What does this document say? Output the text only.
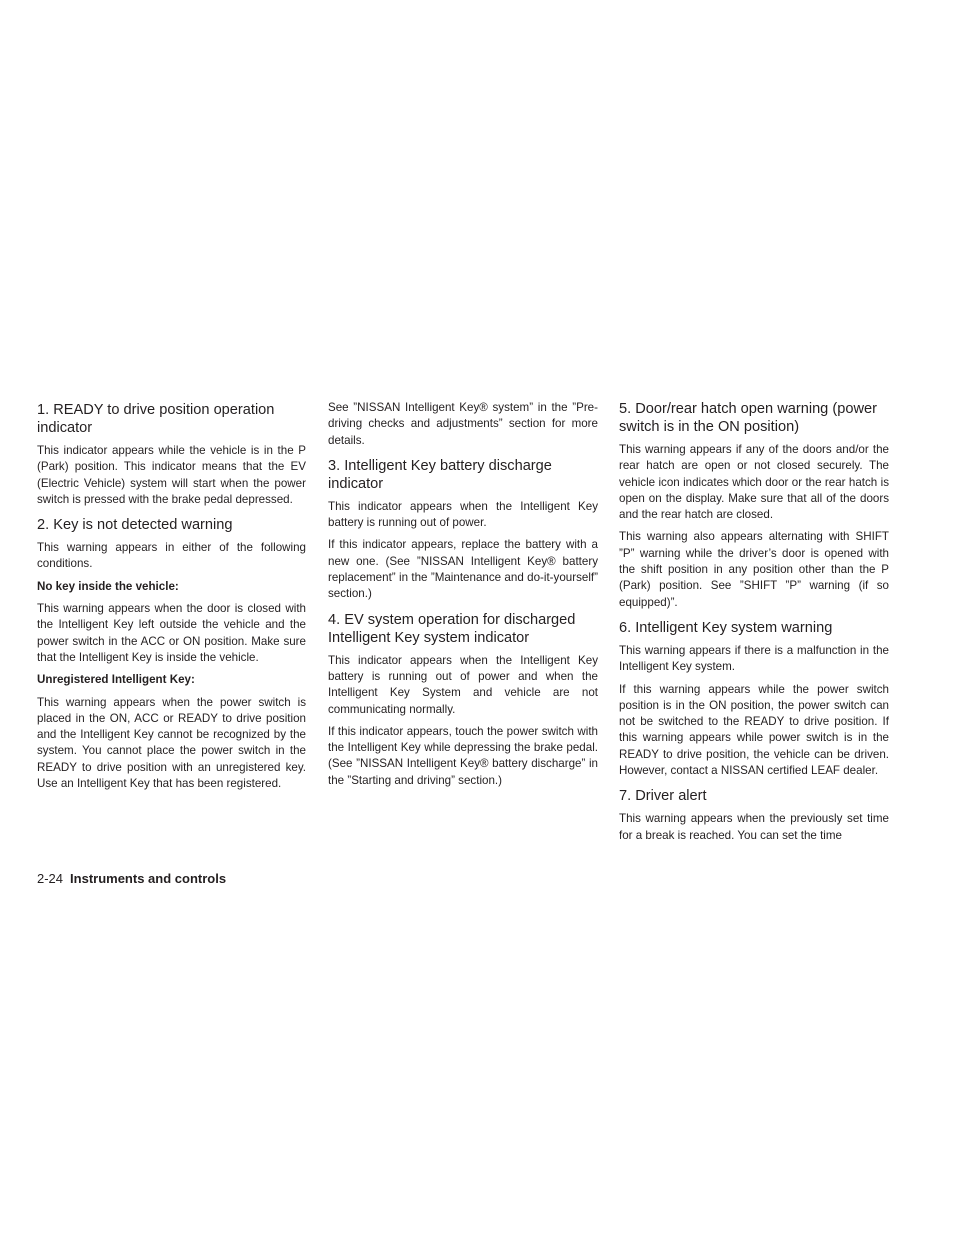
1. READY to drive position operation indicator

This indicator appears while the vehicle is in the P (Park) position. This indicator means that the EV (Electric Vehicle) system will start when the power switch is pressed with the brake pedal depressed.

2. Key is not detected warning

This warning appears in either of the following conditions.

No key inside the vehicle:

This warning appears when the door is closed with the Intelligent Key left outside the vehicle and the power switch in the ACC or ON position. Make sure that the Intelligent Key is inside the vehicle.

Unregistered Intelligent Key:

This warning appears when the power switch is placed in the ON, ACC or READY to drive position and the Intelligent Key cannot be recognized by the system. You cannot place the power switch in the READY to drive position with an unregistered key. Use an Intelligent Key that has been registered.

See ”NISSAN Intelligent Key® system” in the ”Pre-driving checks and adjustments” section for more details.

3. Intelligent Key battery discharge indicator

This indicator appears when the Intelligent Key battery is running out of power.

If this indicator appears, replace the battery with a new one. (See ”NISSAN Intelligent Key® battery replacement” in the ”Maintenance and do-it-yourself” section.)

4. EV system operation for discharged Intelligent Key system indicator

This indicator appears when the Intelligent Key battery is running out of power and when the Intelligent Key System and vehicle are not communicating normally.

If this indicator appears, touch the power switch with the Intelligent Key while depressing the brake pedal. (See ”NISSAN Intelligent Key® battery discharge” in the ”Starting and driving” section.)

5. Door/rear hatch open warning (power switch is in the ON position)

This warning appears if any of the doors and/or the rear hatch are open or not closed securely. The vehicle icon indicates which door or the rear hatch is open on the display. Make sure that all of the doors and the rear hatch are closed.

This warning also appears alternating with SHIFT ”P” warning while the driver’s door is opened with the shift position in any position other than the P (Park) position. See ”SHIFT ”P” warning (if so equipped)”.

6. Intelligent Key system warning

This warning appears if there is a malfunction in the Intelligent Key system.

If this warning appears while the power switch position is in the ON position, the power switch can not be switched to the READY to drive position. If this warning appears while power switch is in the READY to drive position, the vehicle can be driven. However, contact a NISSAN certified LEAF dealer.

7. Driver alert

This warning appears when the previously set time for a break is reached. You can set the time

2-24 Instruments and controls
